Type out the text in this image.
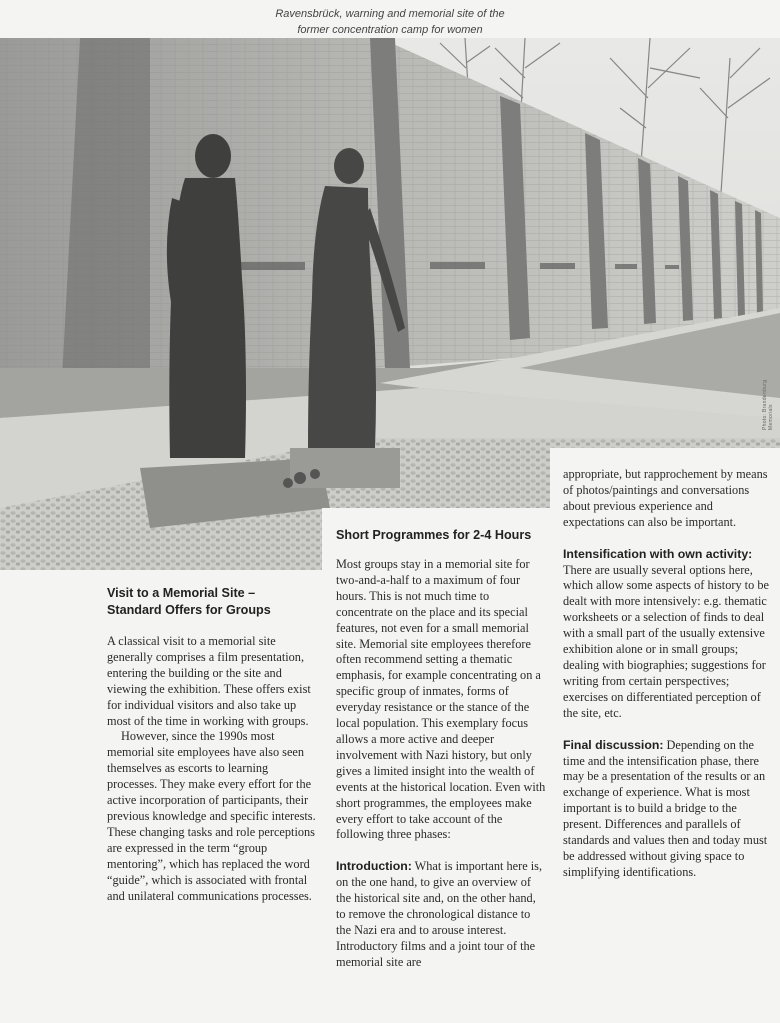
Ravensbrück, warning and memorial site of the
former concentration camp for women
Photo: Brandenburg Memorials
Short Programmes for 2-4 Hours
Visit to a Memorial Site –
Standard Offers for Groups

A classical visit to a memorial site generally comprises a film presentation, entering the building or the site and viewing the exhibition. These offers exist for individual visitors and also take up most of the time in working with groups.

However, since the 1990s most memorial site employees have also seen themselves as escorts to learning processes. They make every effort for the active incorporation of participants, their previous knowledge and specific interests. These changing tasks and role perceptions are expressed in the term “group mentoring”, which has replaced the word “guide”, which is associated with frontal and unilateral communications processes.

Most groups stay in a memorial site for two-and-a-half to a maximum of four hours. This is not much time to concentrate on the place and its special features, not even for a small memorial site. Memorial site employees therefore often recommend setting a thematic emphasis, for example concentrating on a specific group of inmates, forms of everyday resistance or the stance of the local population. This exemplary focus allows a more active and deeper involvement with Nazi history, but only gives a limited insight into the wealth of events at the historical location. Even with short programmes, the employees make every effort to take account of the following three phases:

Introduction: What is important here is, on the one hand, to give an overview of the historical site and, on the other hand, to remove the chronological distance to the Nazi era and to arouse interest. Introductory films and a joint tour of the memorial site are

appropriate, but rapprochement by means of photos/paintings and conversations about previous experience and expectations can also be important.

Intensification with own activity: There are usually several options here, which allow some aspects of history to be dealt with more intensively: e.g. thematic worksheets or a selection of finds to deal with a small part of the usually extensive exhibition alone or in small groups; dealing with biographies; suggestions for writing from certain perspectives; exercises on differentiated perception of the site, etc.

Final discussion: Depending on the time and the intensification phase, there may be a presentation of the results or an exchange of experience. What is most important is to build a bridge to the present. Differences and parallels of standards and values then and today must be addressed without giving space to simplifying identifications.
